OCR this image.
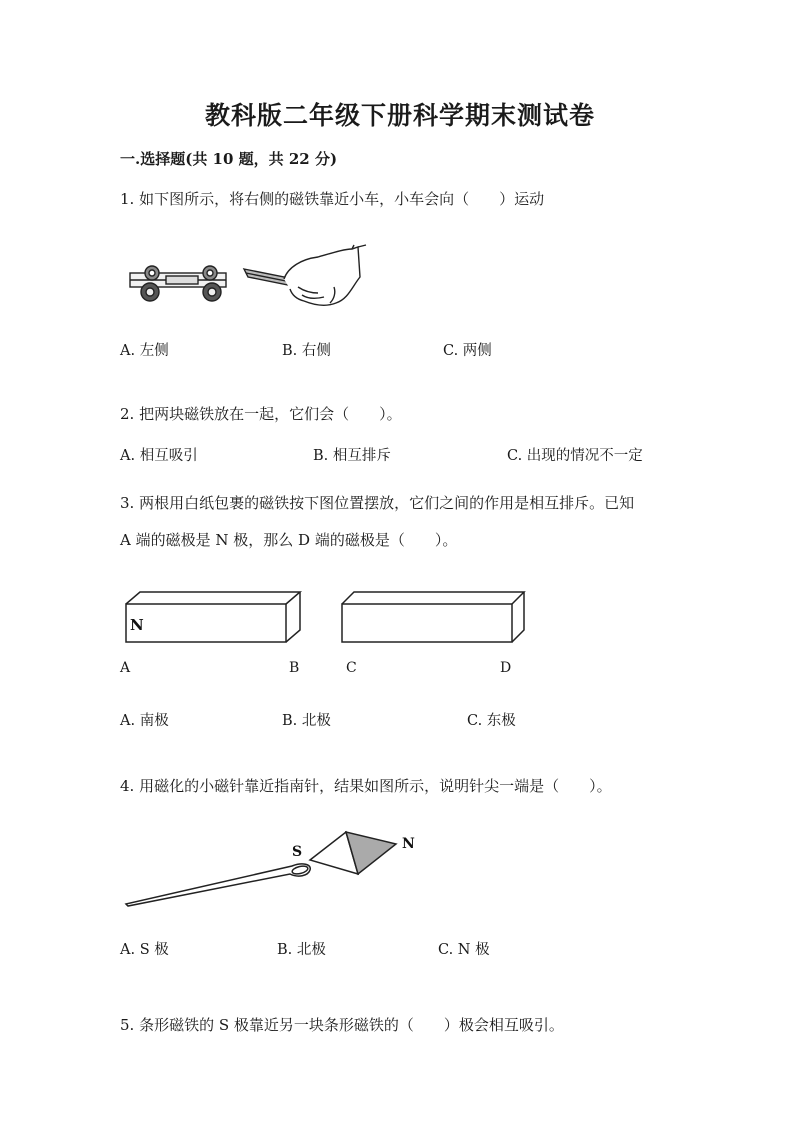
教科版二年级下册科学期末测试卷
一.选择题(共 10 题，共 22 分)
1. 如下图所示，将右侧的磁铁靠近小车，小车会向（　　）运动
A. 左侧	B. 右侧	C. 两侧
2. 把两块磁铁放在一起，它们会（　　）。
A. 相互吸引	B. 相互排斥	C. 出现的情况不一定
3. 两根用白纸包裹的磁铁按下图位置摆放，它们之间的作用是相互排斥。已知
A 端的磁极是 N 极，那么 D 端的磁极是（　　）。
N
A	B	C	D
A. 南极	B. 北极	C. 东极
4. 用磁化的小磁针靠近指南针，结果如图所示，说明针尖一端是（　　）。
S	N
A. S 极	B. 北极	C. N 极
5. 条形磁铁的 S 极靠近另一块条形磁铁的（　　）极会相互吸引。
